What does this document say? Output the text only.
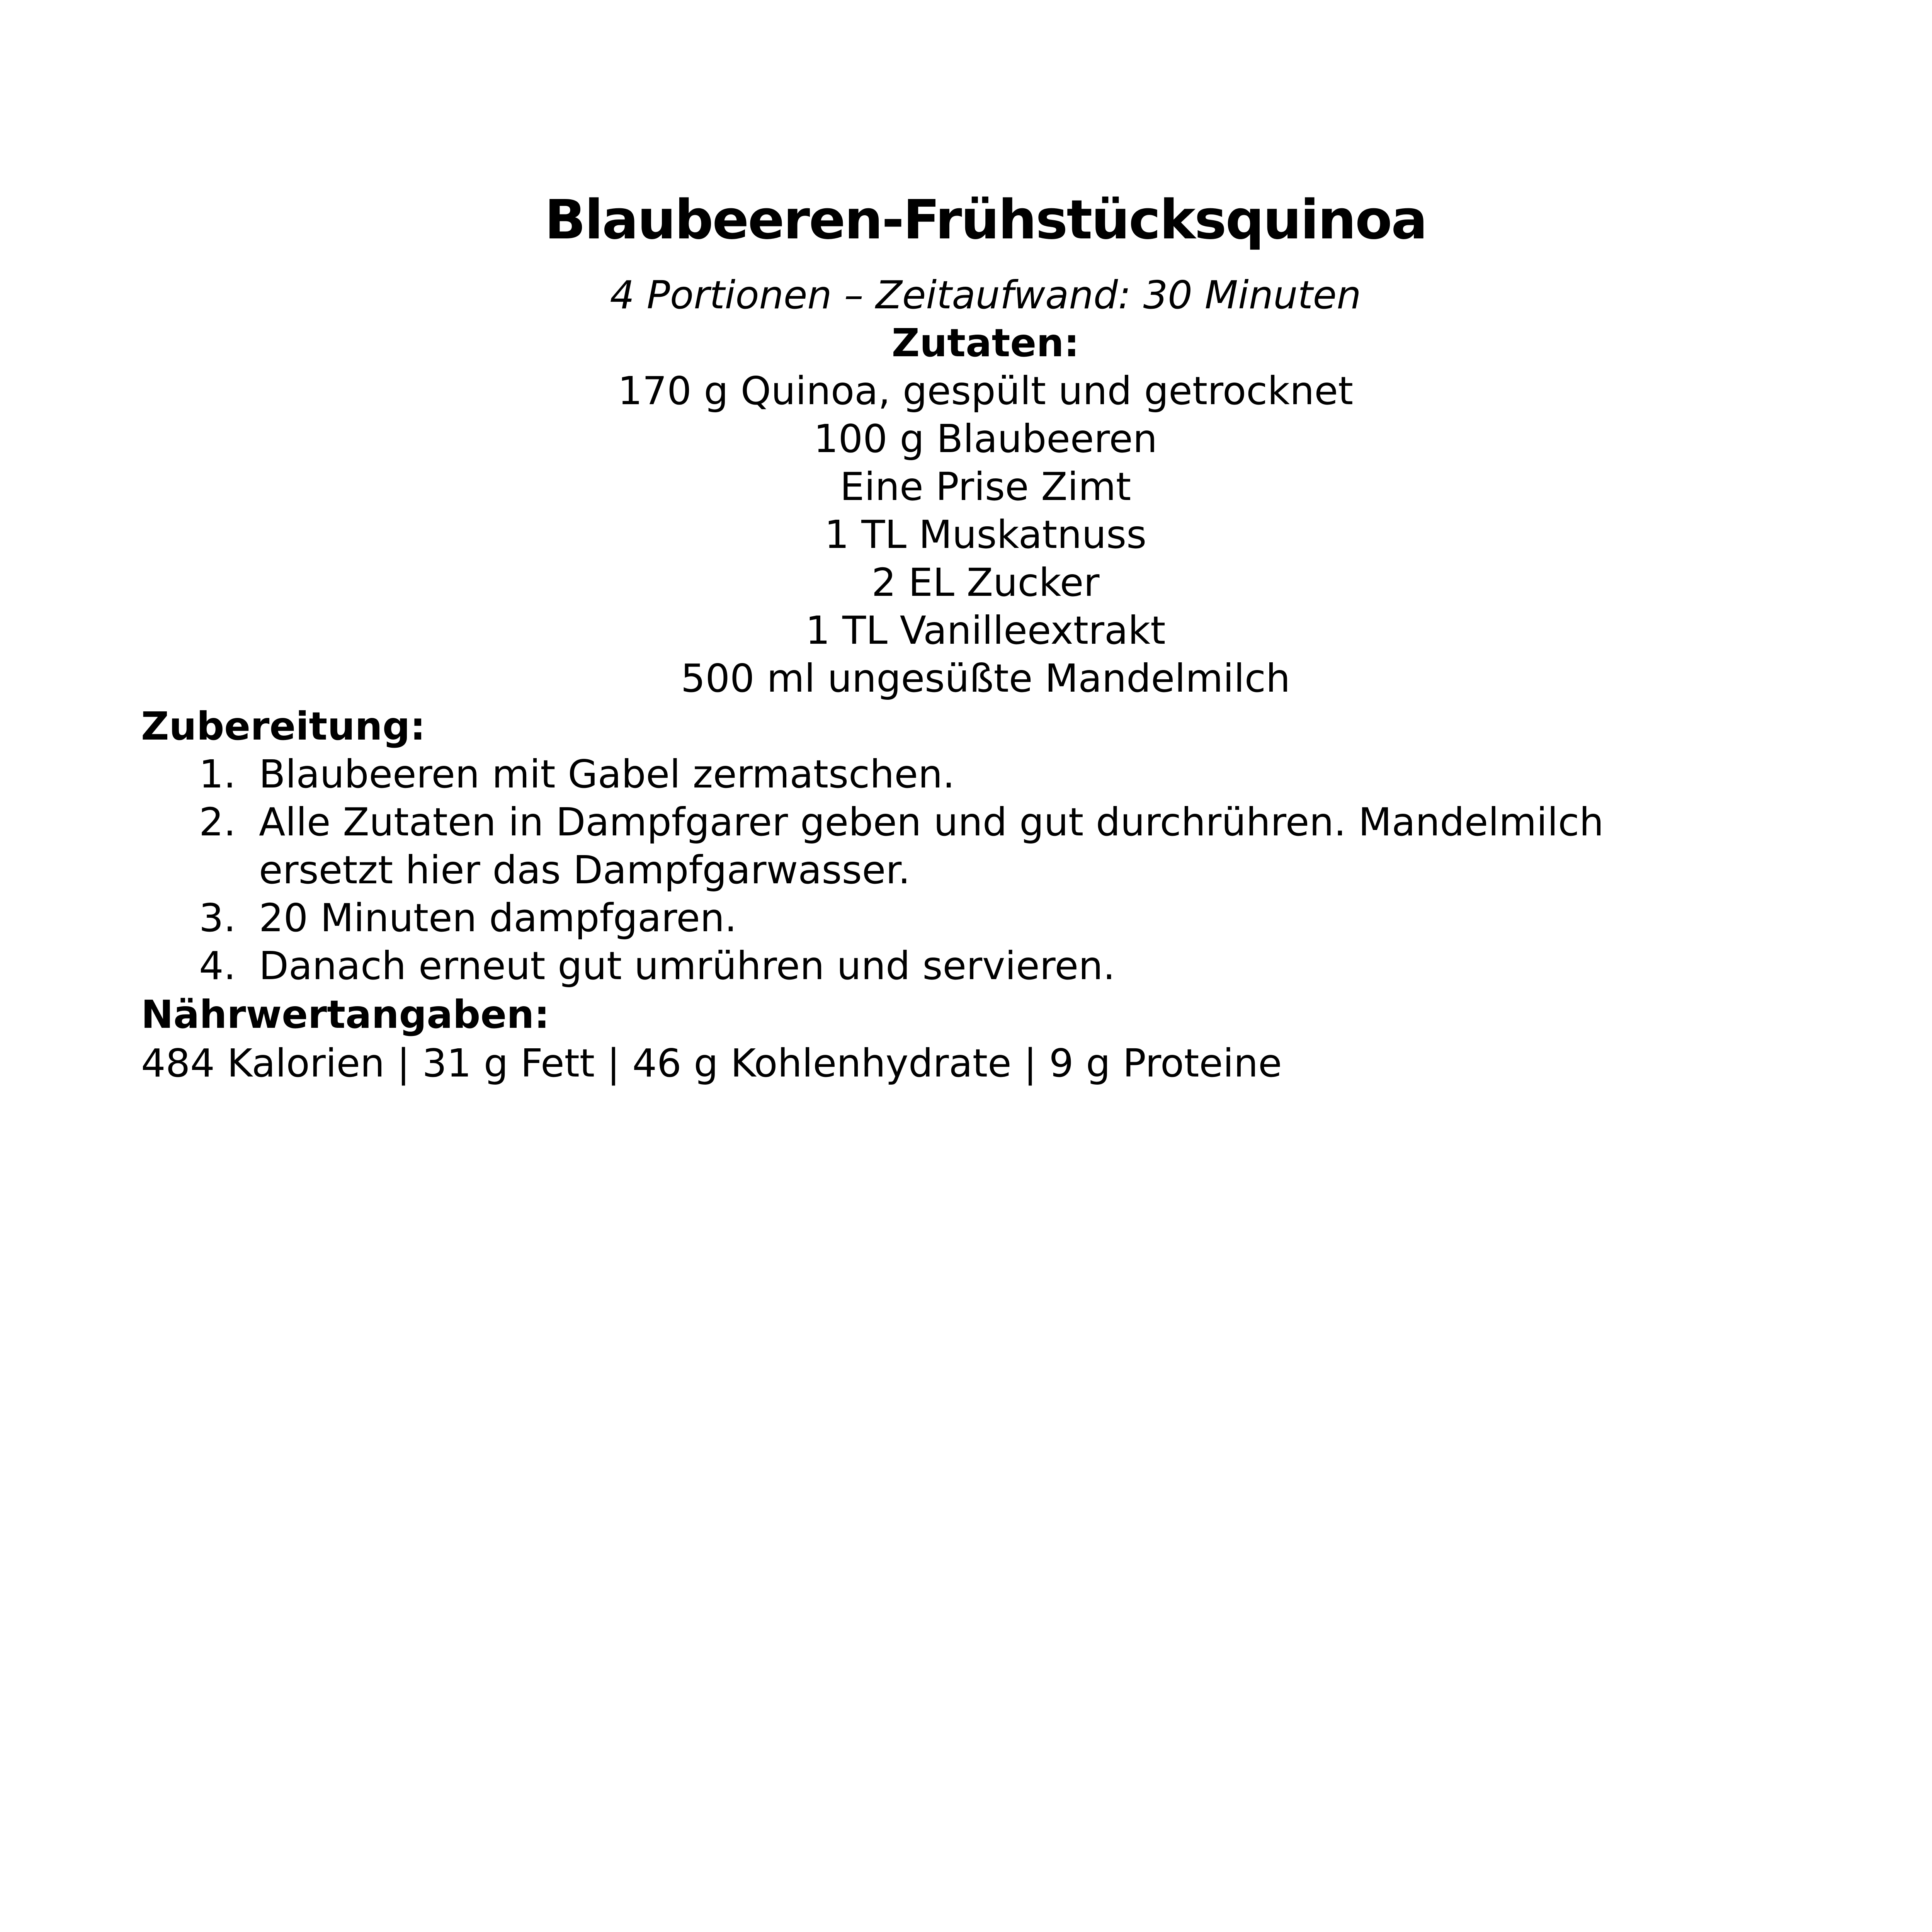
Blaubeeren-Frühstücksquinoa
4 Portionen – Zeitaufwand: 30 Minuten
Zutaten:
170 g Quinoa, gespült und getrocknet
100 g Blaubeeren
Eine Prise Zimt
1 TL Muskatnuss
2 EL Zucker
1 TL Vanilleextrakt
500 ml ungesüßte Mandelmilch
Zubereitung:
1. Blaubeeren mit Gabel zermatschen.
2. Alle Zutaten in Dampfgarer geben und gut durchrühren. Mandelmilch ersetzt hier das Dampfgarwasser.
3. 20 Minuten dampfgaren.
4. Danach erneut gut umrühren und servieren.
Nährwertangaben:
484 Kalorien | 31 g Fett | 46 g Kohlenhydrate | 9 g Proteine
